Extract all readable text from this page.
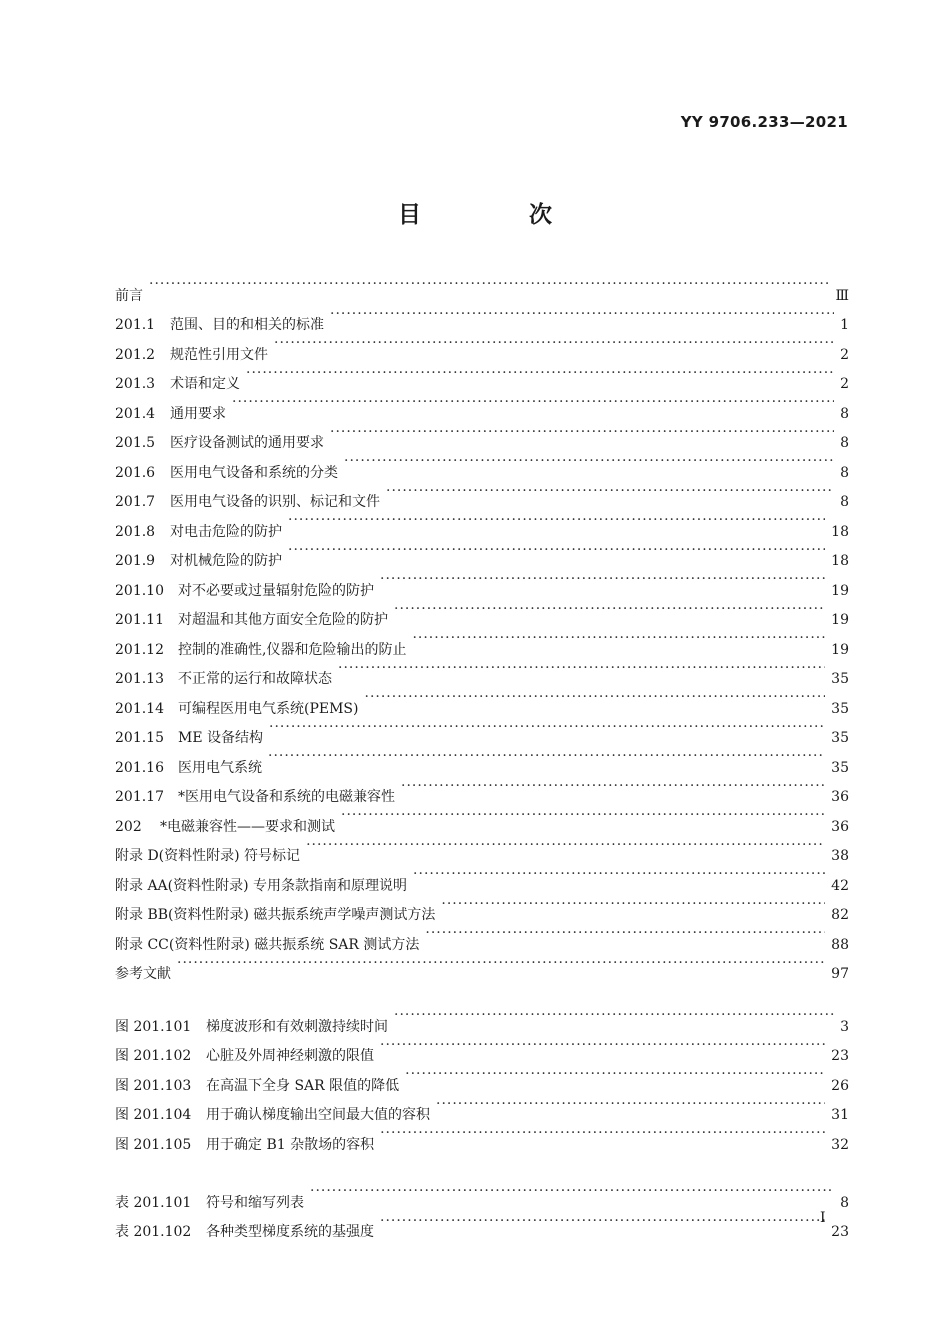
YY 9706.233—2021
目 次
前言 ·····	Ⅲ
201.1	范围、目的和相关的标准 ·····	1
201.2	规范性引用文件 ·····	2
201.3	术语和定义 ·····	2
201.4	通用要求 ·····	8
201.5	医疗设备测试的通用要求 ·····	8
201.6	医用电气设备和系统的分类 ·····	8
201.7	医用电气设备的识别、标记和文件 ·····	8
201.8	对电击危险的防护 ·····	18
201.9	对机械危险的防护 ·····	18
201.10	对不必要或过量辐射危险的防护 ·····	19
201.11	对超温和其他方面安全危险的防护 ·····	19
201.12	控制的准确性,仪器和危险输出的防止 ·····	19
201.13	不正常的运行和故障状态 ·····	35
201.14	可编程医用电气系统(PEMS) ·····	35
201.15	ME 设备结构 ·····	35
201.16	医用电气系统 ·····	35
201.17	*医用电气设备和系统的电磁兼容性 ·····	36
202	*电磁兼容性——要求和测试 ·····	36
附录 D(资料性附录) 符号标记 ·····	38
附录 AA(资料性附录) 专用条款指南和原理说明 ·····	42
附录 BB(资料性附录) 磁共振系统声学噪声测试方法 ·····	82
附录 CC(资料性附录) 磁共振系统 SAR 测试方法 ·····	88
参考文献 ·····	97
图 201.101	梯度波形和有效刺激持续时间 ·····	3
图 201.102	心脏及外周神经刺激的限值 ·····	23
图 201.103	在高温下全身 SAR 限值的降低 ·····	26
图 201.104	用于确认梯度输出空间最大值的容积 ·····	31
图 201.105	用于确定 B1 杂散场的容积 ·····	32
表 201.101	符号和缩写列表 ·····	8
表 201.102	各种类型梯度系统的基强度 ·····	23
I
